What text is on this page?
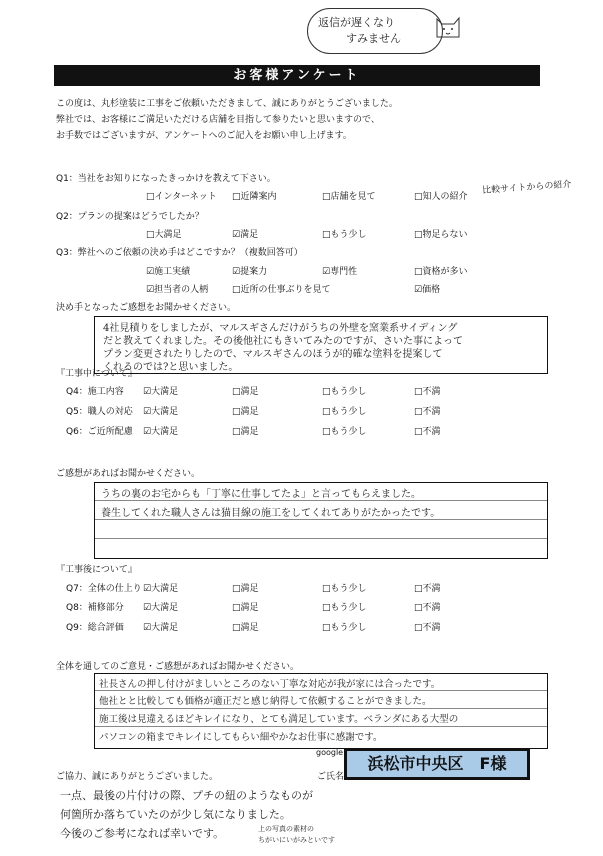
返信が遅くなり
すみません
お客様アンケート
この度は、丸杉塗装に工事をご依頼いただきまして、誠にありがとうございました。
弊社では、お客様にご満足いただける店舗を目指して参りたいと思いますので、
お手数ではございますが、アンケートへのご記入をお願い申し上げます。
Q1：当社をお知りになったきっかけを教えて下さい。
□インターネット □近隣案内	□店舗を見て	□知人の紹介
比較サイトからの紹介
Q2：プランの提案はどうでしたか？
□大満足	☑満足	□もう少し	□物足らない
Q3：弊社へのご依頼の決め手はどこですか？（複数回答可）
☑施工実績	☑提案力	☑専門性	□資格が多い
☑担当者の人柄	□近所の仕事ぶりを見て	☑価格
決め手となったご感想をお聞かせください。
4社見積りをしましたが、マルスギさんだけがうちの外壁を窯業系サイディング
だと教えてくれました。その後他社にもきいてみたのですが、さいた事によって
プラン変更されたりしたので、マルスギさんのほうが的確な塗料を提案して
くれるのでは?と思いました。
『工事中について』
Q4：施工内容 ☑大満足	□満足	□もう少し	□不満
Q5：職人の対応 ☑大満足	□満足	□もう少し	□不満
Q6：ご近所配慮 ☑大満足	□満足	□もう少し	□不満
ご感想があればお聞かせください。
うちの裏のお宅からも「丁寧に仕事してたよ」と言ってもらえました。
養生してくれた職人さんは猫目線の施工をしてくれてありがたかったです。
『工事後について』
Q7：全体の仕上り ☑大満足	□満足	□もう少し	□不満
Q8：補修部分 ☑大満足	□満足	□もう少し	□不満
Q9：総合評価 ☑大満足	□満足	□もう少し	□不満
全体を通してのご意見・ご感想があればお聞かせください。
社長さんの押し付けがましいところのない丁寧な対応が我が家には合ったです。
他社とと比較しても価格が適正だと感じ納得して依頼することができました。
施工後は見違えるほどキレイになり、とても満足しています。ベランダにある大型の
パソコンの箱までキレイにしてもらい細やかなお仕事に感謝です。
google
ご協力、誠にありがとうございました。	ご氏名
浜松市中央区　F様
一点、最後の片付けの際、プチの紐のようなものが
何箇所か落ちていたのが少し気になりました。
今後のご参考になれば幸いです。	上の写真の素材の
ちがいにいがみといです
